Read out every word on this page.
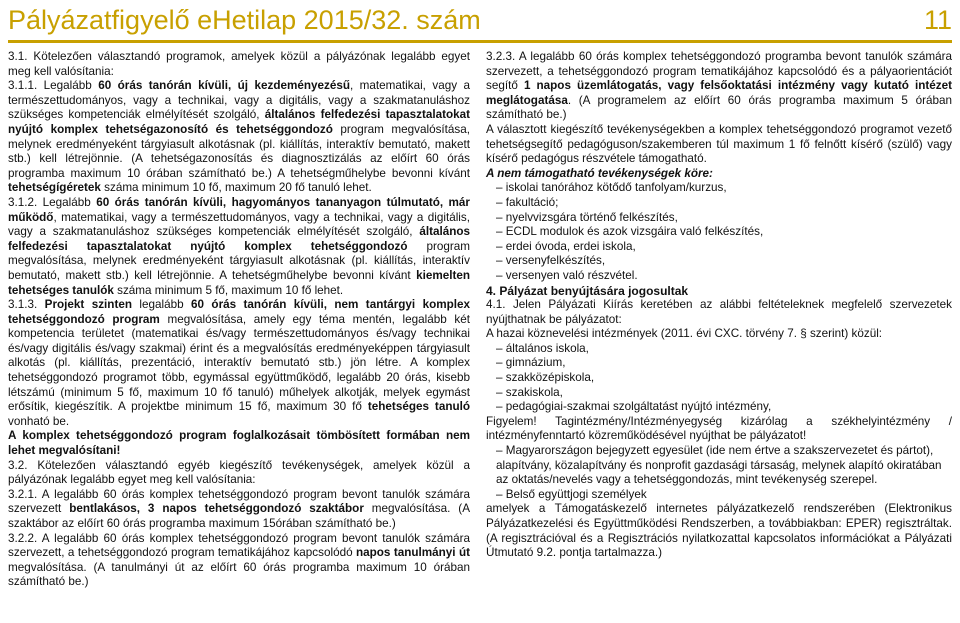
Pályázatfigyelő eHetilap 2015/32. szám	11

3.1. Kötelezően választandó programok, amelyek közül a pályázónak legalább egyet meg kell valósítania:

3.1.1. Legalább 60 órás tanórán kívüli, új kezdeményezésű, matematikai, vagy a természettudományos, vagy a technikai, vagy a digitális, vagy a szakmatanuláshoz szükséges kompetenciák elmélyítését szolgáló, általános felfedezési tapasztalatokat nyújtó komplex tehetségazonosító és tehetséggondozó program megvalósítása, melynek eredményeként tárgyiasult alkotásnak (pl. kiállítás, interaktív bemutató, makett stb.) kell létrejönnie. (A tehetségazonosítás és diagnosztizálás az előírt 60 órás programba maximum 10 órában számítható be.) A tehetségműhelybe bevonni kívánt tehetségígéretek száma minimum 10 fő, maximum 20 fő tanuló lehet.

3.1.2. Legalább 60 órás tanórán kívüli, hagyományos tananyagon túlmutató, már működő, matematikai, vagy a természettudományos, vagy a technikai, vagy a digitális, vagy a szakmatanuláshoz szükséges kompetenciák elmélyítését szolgáló, általános felfedezési tapasztalatokat nyújtó komplex tehetséggondozó program megvalósítása, melynek eredményeként tárgyiasult alkotásnak (pl. kiállítás, interaktív bemutató, makett stb.) kell létrejönnie. A tehetségműhelybe bevonni kívánt kiemelten tehetséges tanulók száma minimum 5 fő, maximum 10 fő lehet.

3.1.3. Projekt szinten legalább 60 órás tanórán kívüli, nem tantárgyi komplex tehetséggondozó program megvalósítása, amely egy téma mentén, legalább két kompetencia területet (matematikai és/vagy természettudományos és/vagy technikai és/vagy digitális és/vagy szakmai) érint és a megvalósítás eredményeképpen tárgyiasult alkotás (pl. kiállítás, prezentáció, interaktív bemutató stb.) jön létre. A komplex tehetséggondozó programot több, egymással együttműködő, legalább 20 órás, kisebb létszámú (minimum 5 fő, maximum 10 fő tanuló) műhelyek alkotják, melyek egymást erősítik, kiegészítik. A projektbe minimum 15 fő, maximum 30 fő tehetséges tanuló vonható be.

A komplex tehetséggondozó program foglalkozásait tömbösített formában nem lehet megvalósítani!

3.2. Kötelezően választandó egyéb kiegészítő tevékenységek, amelyek közül a pályázónak legalább egyet meg kell valósítania:

3.2.1. A legalább 60 órás komplex tehetséggondozó program bevont tanulók számára szervezett bentlakásos, 3 napos tehetséggondozó szaktábor megvalósítása. (A szaktábor az előírt 60 órás programba maximum 15órában számítható be.)

3.2.2. A legalább 60 órás komplex tehetséggondozó program bevont tanulók számára szervezett, a tehetséggondozó program tematikájához kapcsolódó napos tanulmányi út megvalósítása. (A tanulmányi út az előírt 60 órás programba maximum 10 órában számítható be.)

3.2.3. A legalább 60 órás komplex tehetséggondozó programba bevont tanulók számára szervezett, a tehetséggondozó program tematikájához kapcsolódó és a pályaorientációt segítő 1 napos üzemlátogatás, vagy felsőoktatási intézmény vagy kutató intézet meglátogatása. (A programelem az előírt 60 órás programba maximum 5 órában számítható be.)

A választott kiegészítő tevékenységekben a komplex tehetséggondozó programot vezető tehetségsegítő pedagóguson/szakemberen túl maximum 1 fő felnőtt kísérő (szülő) vagy kísérő pedagógus részvétele támogatható.

A nem támogatható tevékenységek köre:

– iskolai tanórához kötődő tanfolyam/kurzus,

– fakultáció;

– nyelvvizsgára történő felkészítés,

– ECDL modulok és azok vizsgáira való felkészítés,

– erdei óvoda, erdei iskola,

– versenyfelkészítés,

– versenyen való részvétel.

4. Pályázat benyújtására jogosultak

4.1. Jelen Pályázati Kiírás keretében az alábbi feltételeknek megfelelő szervezetek nyújthatnak be pályázatot:

A hazai köznevelési intézmények (2011. évi CXC. törvény 7. § szerint) közül:

– általános iskola,

– gimnázium,

– szakközépiskola,

– szakiskola,

– pedagógiai-szakmai szolgáltatást nyújtó intézmény,

Figyelem! Tagintézmény/Intézményegység kizárólag a székhelyintézmény / intézményfenntartó közreműködésével nyújthat be pályázatot!

– Magyarországon bejegyzett egyesület (ide nem értve a szakszervezetet és pártot), alapítvány, közalapítvány és nonprofit gazdasági társaság, melynek alapító okiratában az oktatás/nevelés vagy a tehetséggondozás, mint tevékenység szerepel.

– Belső együttjogi személyek

amelyek a Támogatáskezelő internetes pályázatkezelő rendszerében (Elektronikus Pályázatkezelési és Együttműködési Rendszerben, a továbbiakban: EPER) regisztráltak. (A regisztrációval és a Regisztrációs nyilatkozattal kapcsolatos információkat a Pályázati Útmutató 9.2. pontja tartalmazza.)
